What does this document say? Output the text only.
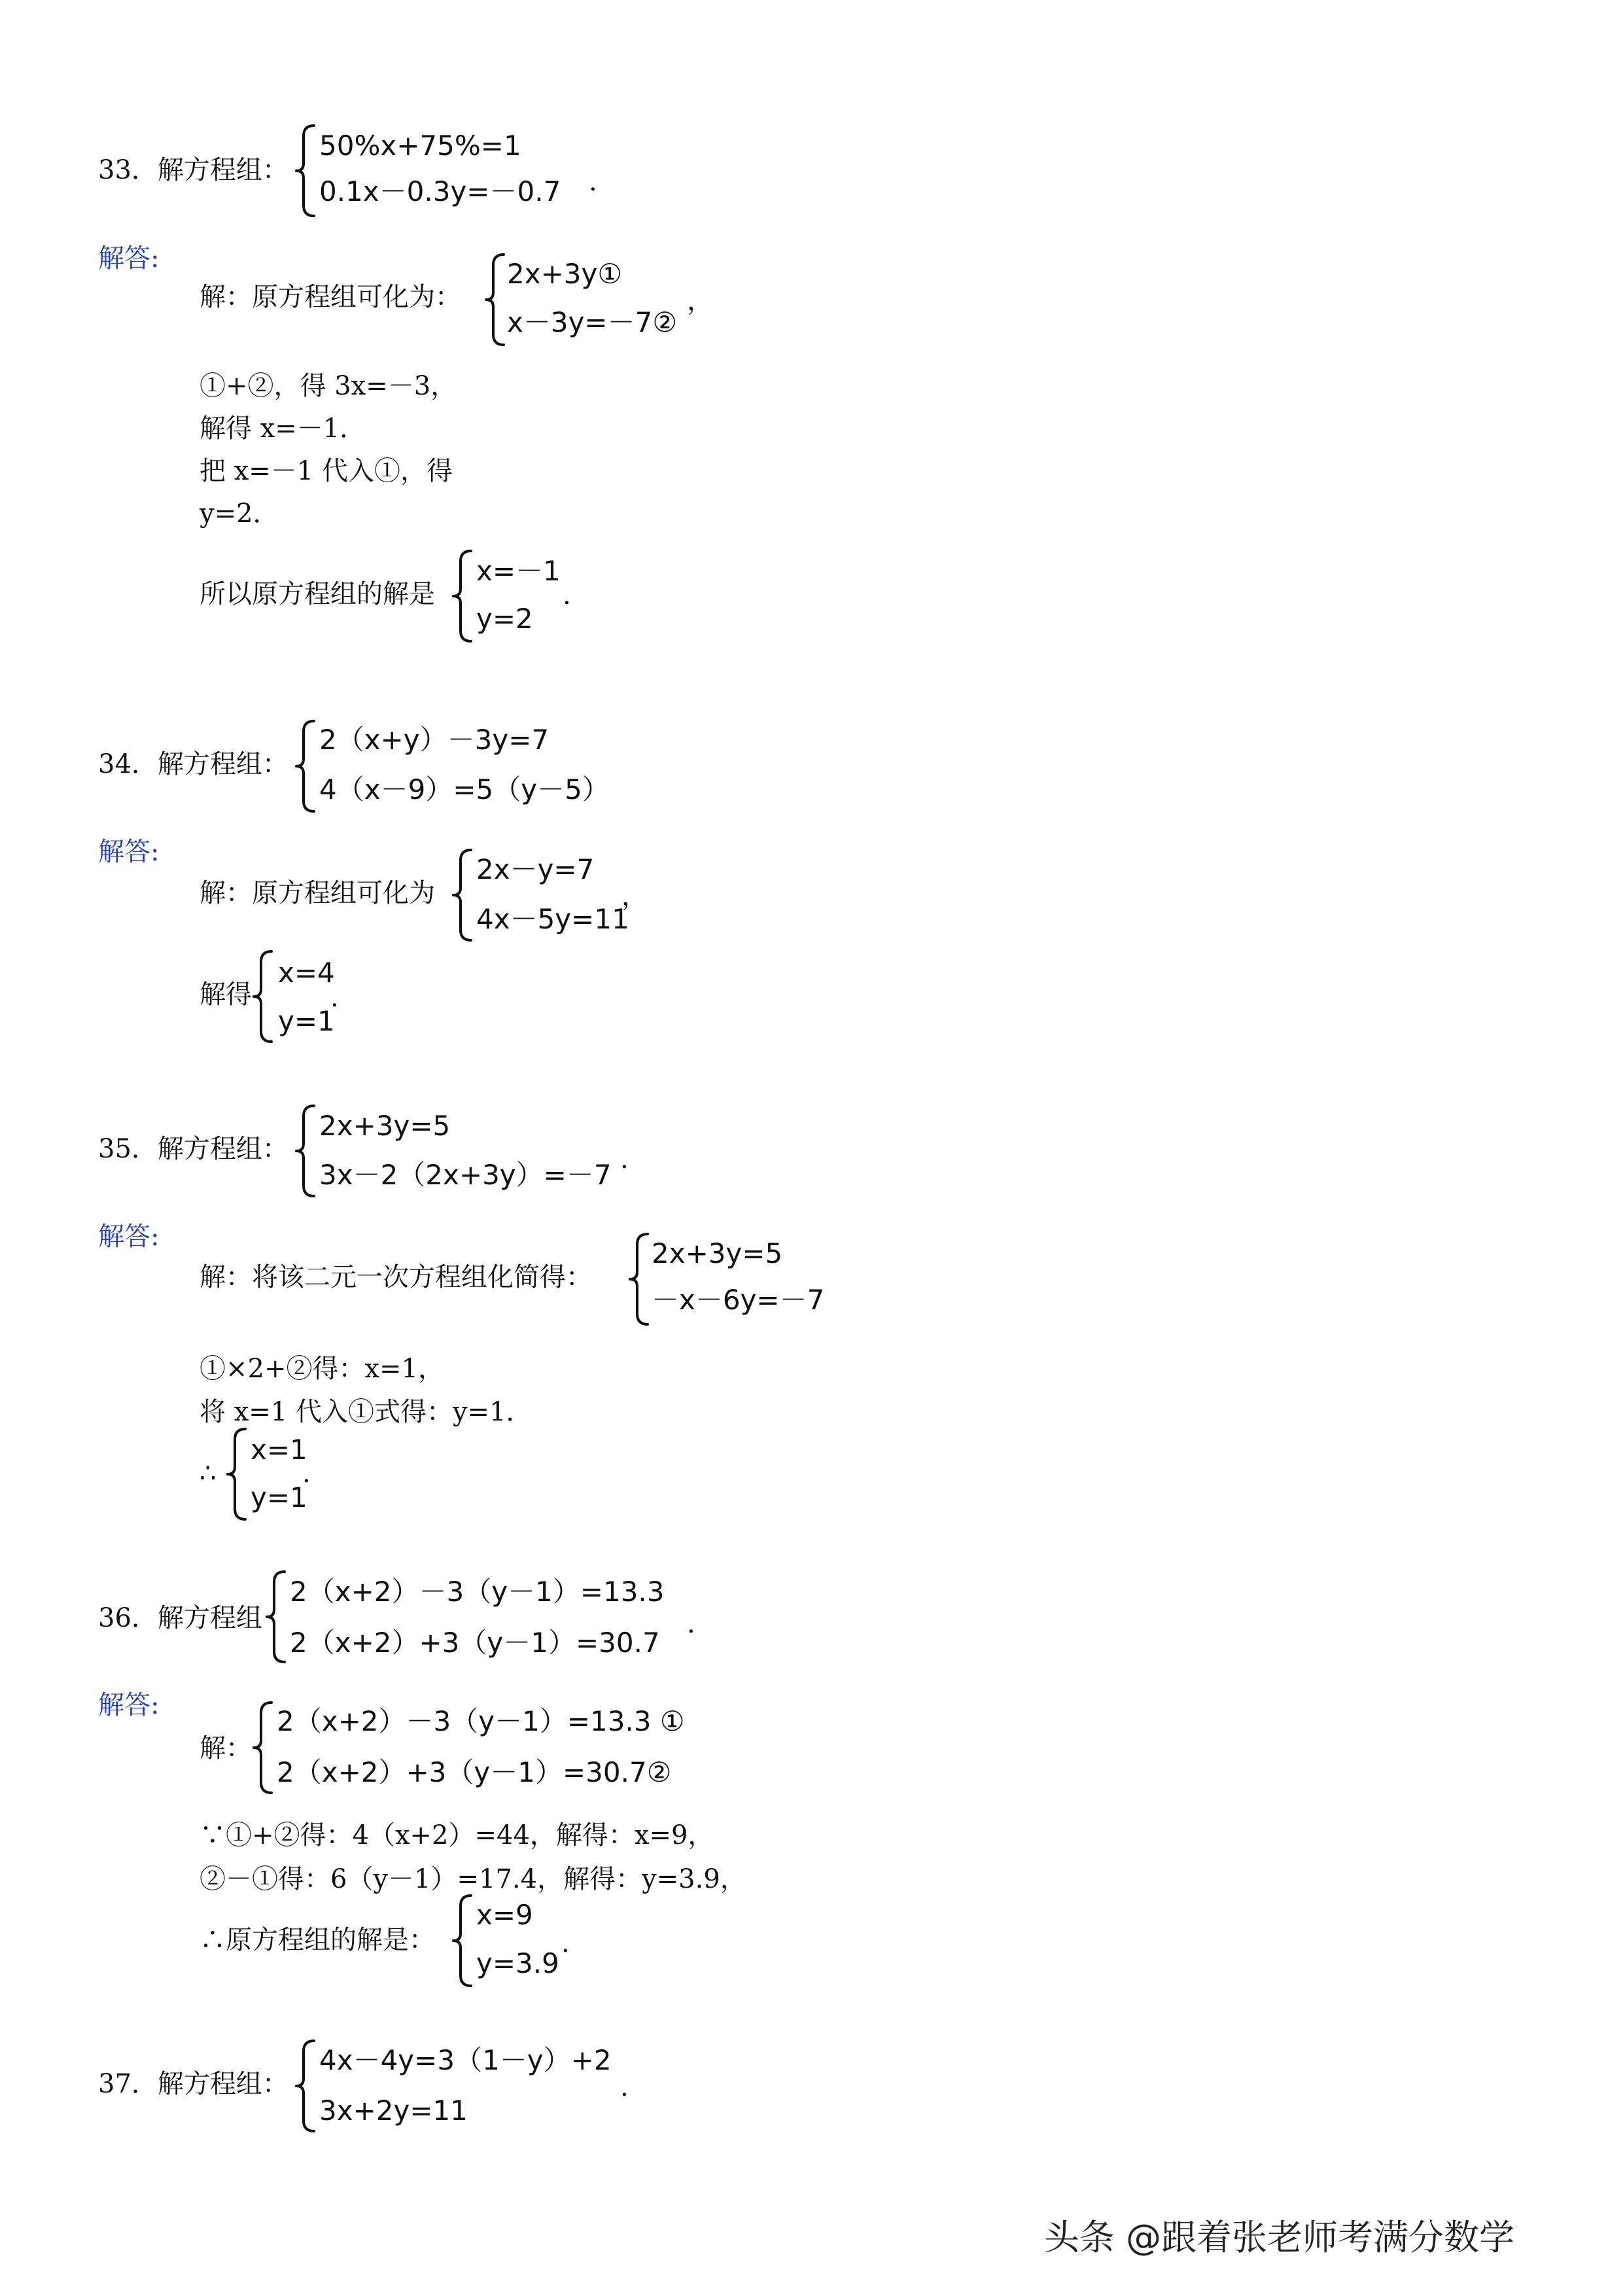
33．解方程组：
50%x+75%=1
0.1x－0.3y=－0.7 .
解答:
解：原方程组可化为：
2x+3y①
x－3y=－7②
，
①+②，得 3x=－3，
解得 x=－1．
把 x=－1 代入①，得
y=2．
所以原方程组的解是
x=－1
y=2
.
34．解方程组：
2（x+y）－3y=7
4（x－9）=5（y－5）
解答:
解：原方程组可化为
2x－y=7
4x－5y=11
，
解得
x=4
y=1
.
35．解方程组：
2x+3y=5
3x－2（2x+3y）=－7 .
解答:
解：将该二元一次方程组化简得：
2x+3y=5
－x－6y=－7
①×2+②得：x=1，
将 x=1 代入①式得：y=1．
∴
x=1
y=1
.
36．解方程组
2（x+2）－3（y－1）=13.3
2（x+2）+3（y－1）=30.7
.
解答:
解：
2（x+2）－3（y－1）=13.3 ①
2（x+2）+3（y－1）=30.7②
∵①+②得：4（x+2）=44，解得：x=9，
②－①得：6（y－1）=17.4，解得：y=3.9，
∴原方程组的解是：
x=9
y=3.9
.
37．解方程组：
4x－4y=3（1－y）+2
3x+2y=11
.
头条 @跟着张老师考满分数学
